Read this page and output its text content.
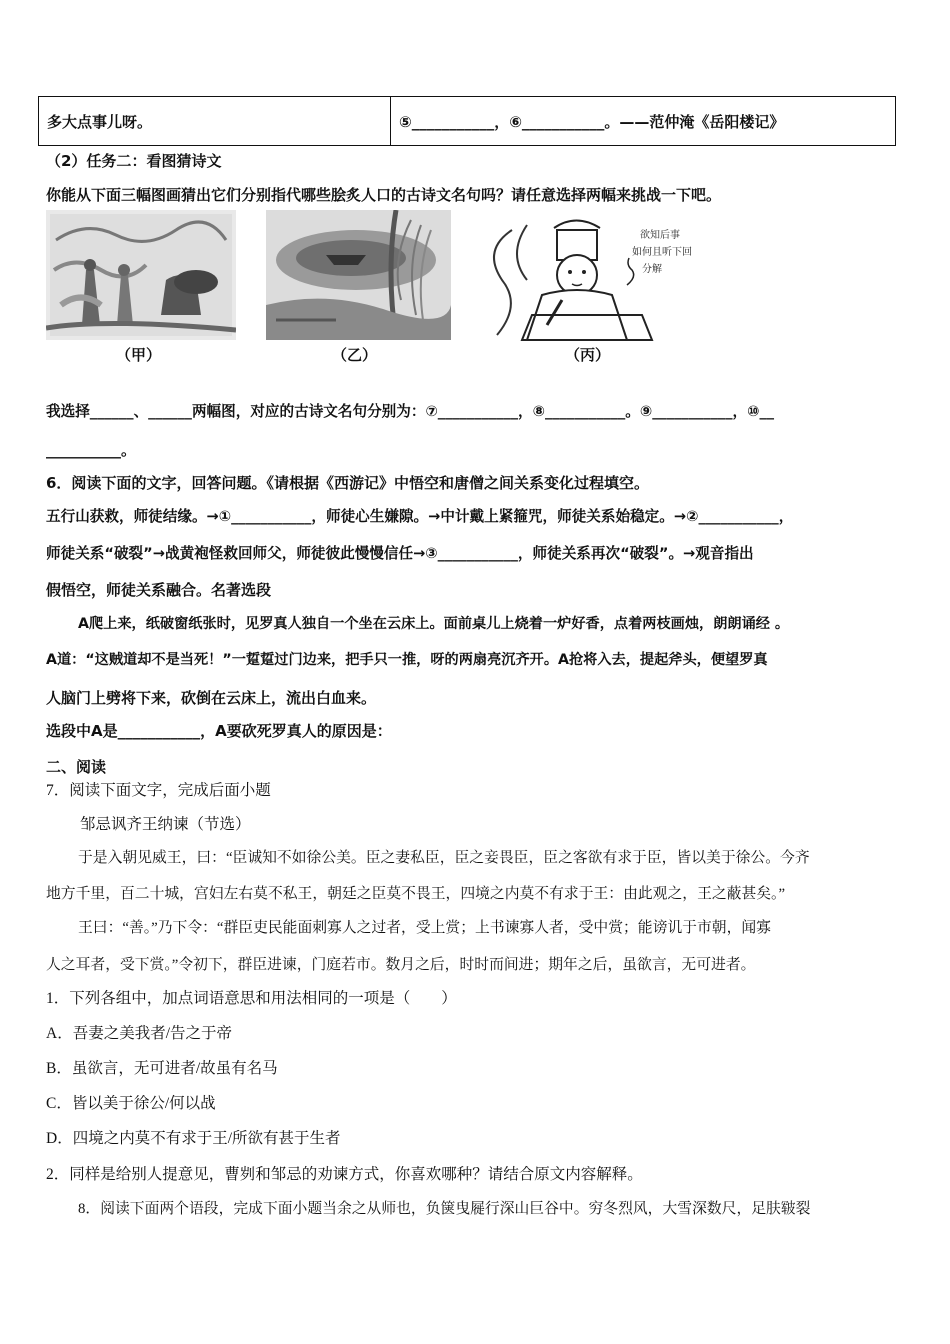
多大点事儿呀。	⑤___________，⑥___________。——范仲淹《岳阳楼记》
（2）任务二：看图猜诗文
你能从下面三幅图画猜出它们分别指代哪些脍炙人口的古诗文名句吗？请任意选择两幅来挑战一下吧。
（甲）	（乙）
欲知后事
如何且听下回
分解
（丙）
我选择______、______两幅图，对应的古诗文名句分别为：⑦___________，⑧___________。⑨___________，⑩__
__________。
6．阅读下面的文字，回答问题。《请根据《西游记》中悟空和唐僧之间关系变化过程填空。
五行山获救，师徒结缘。→①___________，师徒心生嫌隙。→中计戴上紧箍咒，师徒关系始稳定。→②___________，
师徒关系“破裂”→战黄袍怪救回师父，师徒彼此慢慢信任→③___________，师徒关系再次“破裂”。→观音指出
假悟空，师徒关系融合。名著选段
A爬上来，纸破窗纸张时，见罗真人独自一个坐在云床上。面前桌儿上烧着一炉好香，点着两枝画烛，朗朗诵经 。
A道：“这贼道却不是当死！”一踅踅过门边来，把手只一推，呀的两扇亮沉齐开。A抢将入去，提起斧头，便望罗真
人脑门上劈将下来，砍倒在云床上，流出白血来。
选段中A是___________，A要砍死罗真人的原因是：
二、阅读
7．阅读下面文字，完成后面小题
邹忌讽齐王纳谏（节选）
于是入朝见威王，曰：“臣诚知不如徐公美。臣之妻私臣，臣之妾畏臣，臣之客欲有求于臣，皆以美于徐公。今齐
地方千里，百二十城，宫妇左右莫不私王，朝廷之臣莫不畏王，四境之内莫不有求于王：由此观之，王之蔽甚矣。”
王曰：“善。”乃下令：“群臣吏民能面刺寡人之过者，受上赏；上书谏寡人者，受中赏；能谤讥于市朝，闻寡
人之耳者，受下赏。”令初下，群臣进谏，门庭若市。数月之后，时时而间进；期年之后，虽欲言，无可进者。
1．下列各组中，加点词语意思和用法相同的一项是（　　）
A．吾妻之美我者/告之于帝
B．虽欲言，无可进者/故虽有名马
C．皆以美于徐公/何以战
D．四境之内莫不有求于王/所欲有甚于生者
2．同样是给别人提意见，曹刿和邹忌的劝谏方式，你喜欢哪种？请结合原文内容解释。
8．阅读下面两个语段，完成下面小题当余之从师也，负箧曳屣行深山巨谷中。穷冬烈风，大雪深数尺，足肤皲裂
